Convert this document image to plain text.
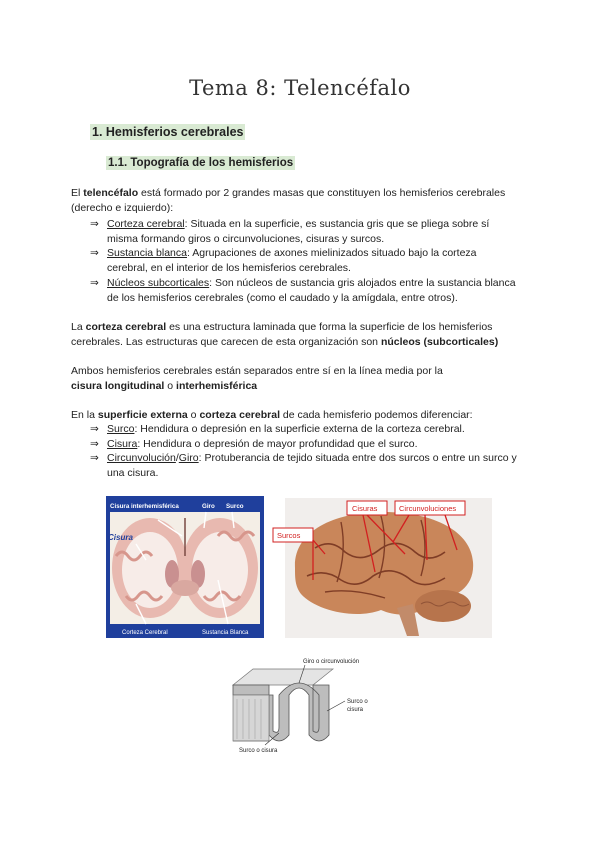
Tema 8: Telencéfalo
1. Hemisferios cerebrales
1.1. Topografía de los hemisferios
El telencéfalo está formado por 2 grandes masas que constituyen los hemisferios cerebrales (derecho e izquierdo):
⇒ Corteza cerebral: Situada en la superficie, es sustancia gris que se pliega sobre sí misma formando giros o circunvoluciones, cisuras y surcos.
⇒ Sustancia blanca: Agrupaciones de axones mielinizados situado bajo la corteza cerebral, en el interior de los hemisferios cerebrales.
⇒ Núcleos subcorticales: Son núcleos de sustancia gris alojados entre la sustancia blanca de los hemisferios cerebrales (como el caudado y la amígdala, entre otros).
La corteza cerebral es una estructura laminada que forma la superficie de los hemisferios cerebrales. Las estructuras que carecen de esta organización son núcleos (subcorticales)
Ambos hemisferios cerebrales están separados entre sí en la línea media por la cisura longitudinal o interhemisférica
En la superficie externa o corteza cerebral de cada hemisferio podemos diferenciar:
⇒ Surco: Hendidura o depresión en la superficie externa de la corteza cerebral.
⇒ Cisura: Hendidura o depresión de mayor profundidad que el surco.
⇒ Circunvolución/Giro: Protuberancia de tejido situada entre dos surcos o entre un surco y una cisura.
Cisura interhemisférica	Giro Surco
Cisura
Corteza Cerebral	Sustancia Blanca
Cisuras	Circunvoluciones
Surcos
Giro o circunvolución
Surco o
cisura
Surco o cisura
